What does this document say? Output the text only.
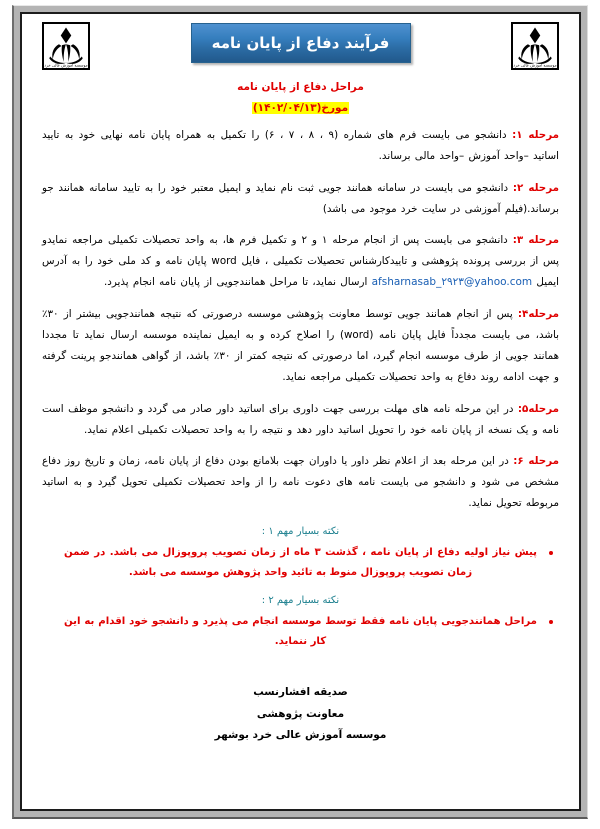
موسسه آموزش عالی خرد
موسسه آموزش عالی خرد
فرآیند دفاع از پایان نامه
مراحل دفاع از پایان نامه
مورخ(۱۴۰۲/۰۴/۱۳)

مرحله ۱: دانشجو می بایست فرم های شماره (۹ ، ۸ ، ۷ ، ۶) را تکمیل به همراه پایان نامه نهایی خود به تایید اساتید –واحد آموزش –واحد مالی برساند.

مرحله ۲: دانشجو می بایست در سامانه همانند جویی ثبت نام نماید و ایمیل معتبر خود را به تایید سامانه همانند جو برساند.(فیلم آموزشی در سایت خرد موجود می باشد)

مرحله ۳: دانشجو می بایست پس از انجام مرحله ۱ و ۲ و تکمیل فرم ها، به واحد تحصیلات تکمیلی مراجعه نمایدو پس از بررسی پرونده پژوهشی و تاییدکارشناس تحصیلات تکمیلی ، فایل word پایان نامه و کد ملی خود را به آدرس ایمیل afsharnasab_۲۹۲۳@yahoo.com ارسال نماید، تا مراحل همانندجویی از پایان نامه انجام پذیرد.

مرحله۴: پس از انجام همانند جویی توسط معاونت پژوهشی موسسه درصورتی که نتیجه همانندجویی بیشتر از ۳۰٪ باشد، می بایست مجدداً فایل پایان نامه (word) را اصلاح کرده و به ایمیل نماینده موسسه ارسال نماید تا مجددا همانند جویی از طرف موسسه انجام گیرد، اما درصورتی که نتیجه کمتر از ۳۰٪ باشد، از گواهی همانندجو پرینت گرفته و جهت ادامه روند دفاع به واحد تحصیلات تکمیلی مراجعه نماید.

مرحله۵: در این مرحله نامه های مهلت بررسی جهت داوری برای اساتید داور صادر می گردد و دانشجو موظف است نامه و یک نسخه از پایان نامه خود را تحویل اساتید داور دهد و نتیجه را به واحد تحصیلات تکمیلی اعلام نماید.

مرحله ۶: در این مرحله بعد از اعلام نظر داور یا داوران جهت بلامانع بودن دفاع از پایان نامه، زمان و تاریخ روز دفاع مشخص می شود و دانشجو می بایست نامه های دعوت نامه را از واحد تحصیلات تکمیلی تحویل گیرد و به اساتید مربوطه تحویل نماید.

نکته بسیار مهم ۱ :
پیش نیاز اولیه دفاع از پایان نامه ، گذشت ۳ ماه از زمان تصویب پروپوزال می باشد. در ضمن زمان تصویب پروپوزال منوط به تائید واحد پژوهش موسسه می باشد.
نکته بسیار مهم ۲ :
مراحل همانندجویی پایان نامه فقط توسط موسسه انجام می پذیرد و دانشجو خود اقدام به این کار ننماید.
صدیقه افشارنسب
معاونت پژوهشی
موسسه آموزش عالی خرد بوشهر
